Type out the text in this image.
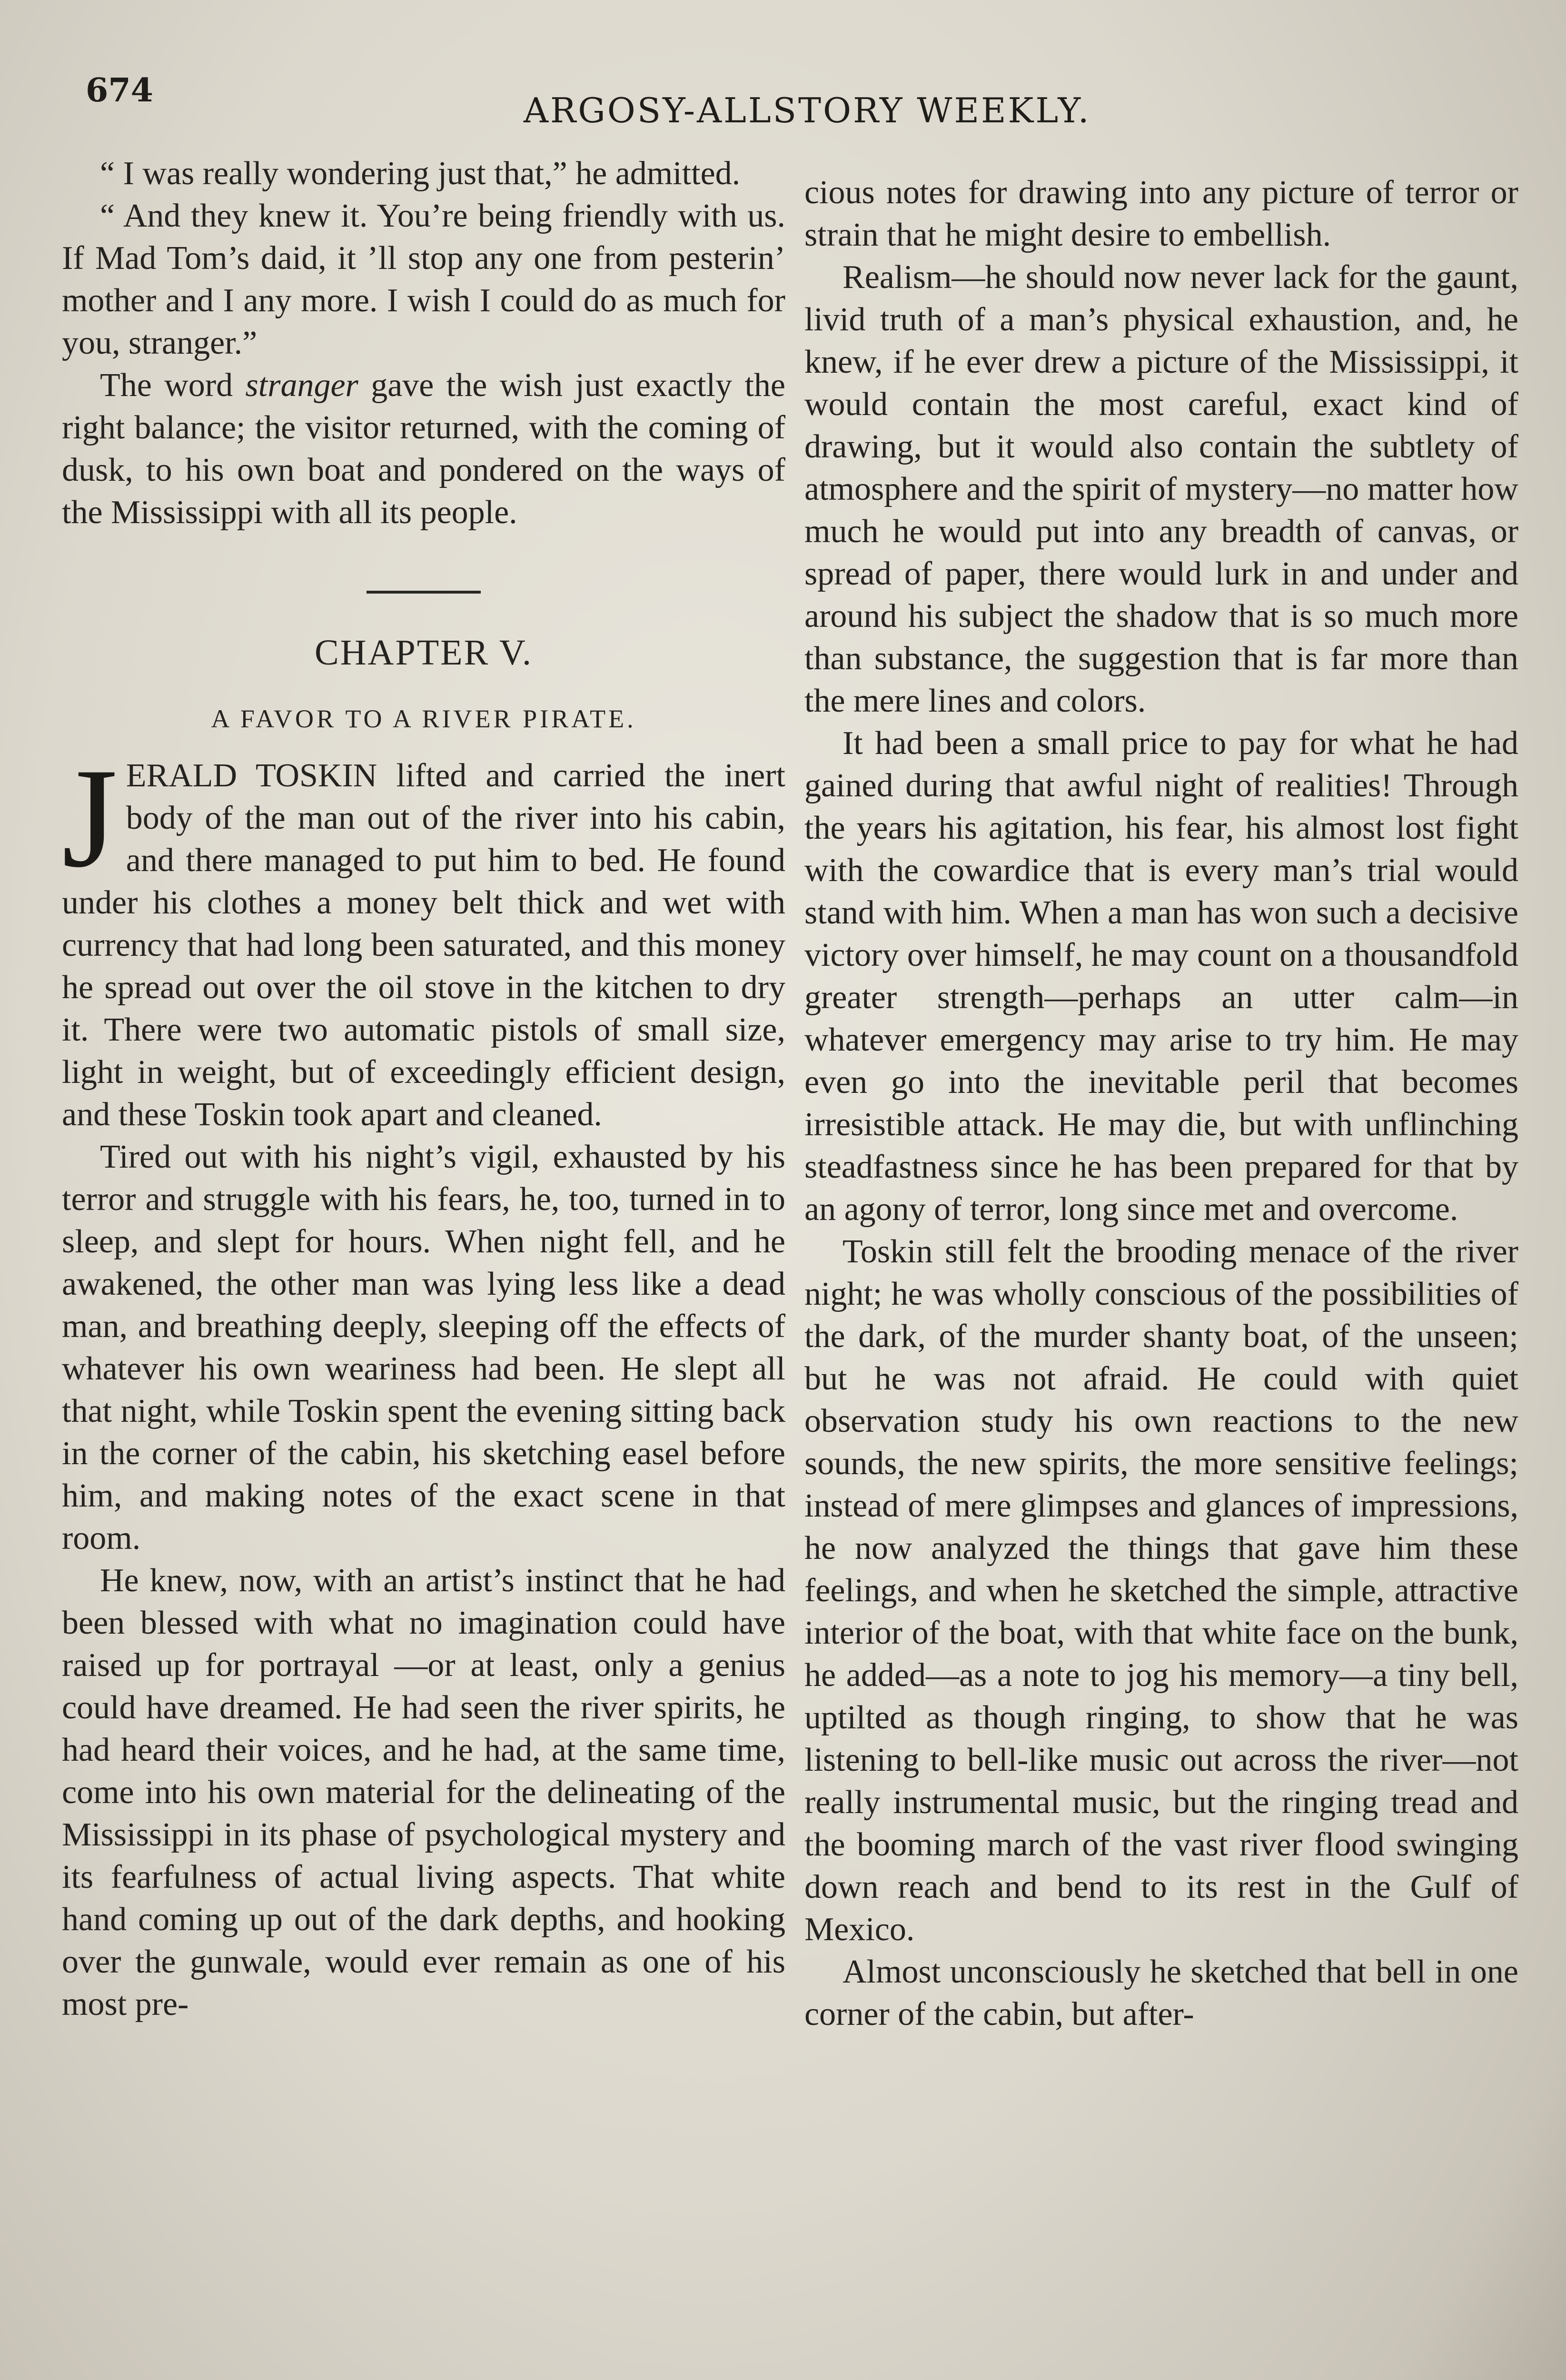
674	ARGOSY-ALLSTORY WEEKLY.

“ I was really wondering just that,” he admitted.

“ And they knew it. You’re being friendly with us. If Mad Tom’s daid, it ’ll stop any one from pesterin’ mother and I any more. I wish I could do as much for you, stranger.”

The word stranger gave the wish just exactly the right balance; the visitor returned, with the coming of dusk, to his own boat and pondered on the ways of the Mississippi with all its people.

CHAPTER V.

A FAVOR TO A RIVER PIRATE.

JERALD TOSKIN lifted and carried the inert body of the man out of the river into his cabin, and there managed to put him to bed. He found under his clothes a money belt thick and wet with currency that had long been saturated, and this money he spread out over the oil stove in the kitchen to dry it. There were two automatic pistols of small size, light in weight, but of exceedingly efficient design, and these Toskin took apart and cleaned.

Tired out with his night’s vigil, exhausted by his terror and struggle with his fears, he, too, turned in to sleep, and slept for hours. When night fell, and he awakened, the other man was lying less like a dead man, and breathing deeply, sleeping off the effects of whatever his own weariness had been. He slept all that night, while Toskin spent the evening sitting back in the corner of the cabin, his sketching easel before him, and making notes of the exact scene in that room.

He knew, now, with an artist’s instinct that he had been blessed with what no imagination could have raised up for portrayal —or at least, only a genius could have dreamed. He had seen the river spirits, he had heard their voices, and he had, at the same time, come into his own material for the delineating of the Mississippi in its phase of psychological mystery and its fearfulness of actual living aspects. That white hand coming up out of the dark depths, and hooking over the gunwale, would ever remain as one of his most pre-

cious notes for drawing into any picture of terror or strain that he might desire to embellish.

Realism—he should now never lack for the gaunt, livid truth of a man’s physical exhaustion, and, he knew, if he ever drew a picture of the Mississippi, it would contain the most careful, exact kind of drawing, but it would also contain the subtlety of atmosphere and the spirit of mystery—no matter how much he would put into any breadth of canvas, or spread of paper, there would lurk in and under and around his subject the shadow that is so much more than substance, the suggestion that is far more than the mere lines and colors.

It had been a small price to pay for what he had gained during that awful night of realities! Through the years his agitation, his fear, his almost lost fight with the cowardice that is every man’s trial would stand with him. When a man has won such a decisive victory over himself, he may count on a thousandfold greater strength—perhaps an utter calm—in whatever emergency may arise to try him. He may even go into the inevitable peril that becomes irresistible attack. He may die, but with unflinching steadfastness since he has been prepared for that by an agony of terror, long since met and overcome.

Toskin still felt the brooding menace of the river night; he was wholly conscious of the possibilities of the dark, of the murder shanty boat, of the unseen; but he was not afraid. He could with quiet observation study his own reactions to the new sounds, the new spirits, the more sensitive feelings; instead of mere glimpses and glances of impressions, he now analyzed the things that gave him these feelings, and when he sketched the simple, attractive interior of the boat, with that white face on the bunk, he added—as a note to jog his memory—a tiny bell, uptilted as though ringing, to show that he was listening to bell-like music out across the river—not really instrumental music, but the ringing tread and the booming march of the vast river flood swinging down reach and bend to its rest in the Gulf of Mexico.

Almost unconsciously he sketched that bell in one corner of the cabin, but after-
